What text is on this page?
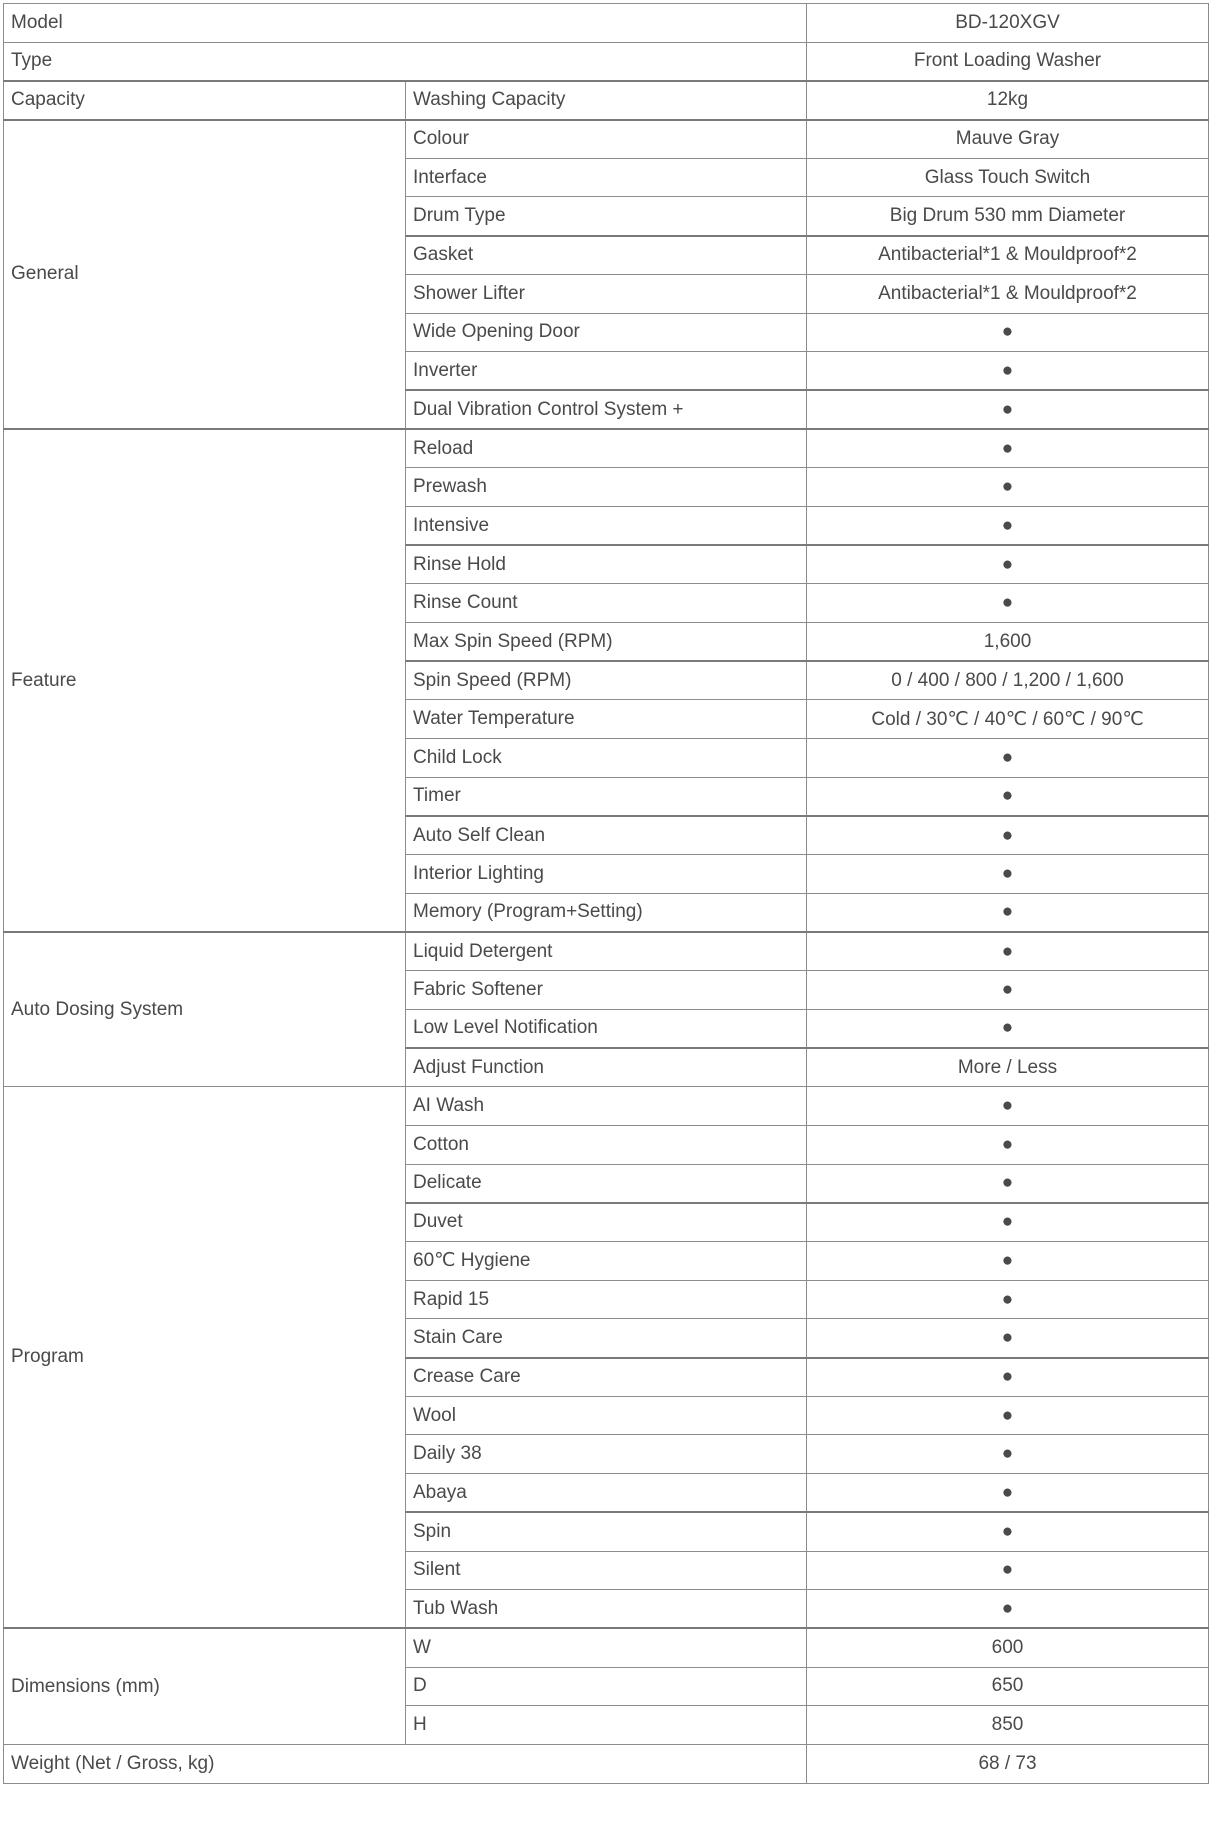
Model		BD-120XGV
Type		Front Loading Washer
Capacity	Washing Capacity	12kg
General	Colour	Mauve Gray
	Interface	Glass Touch Switch
	Drum Type	Big Drum 530 mm Diameter
	Gasket	Antibacterial*1 & Mouldproof*2
	Shower Lifter	Antibacterial*1 & Mouldproof*2
	Wide Opening Door	●
	Inverter	●
	Dual Vibration Control System +	●
Feature	Reload	●
	Prewash	●
	Intensive	●
	Rinse Hold	●
	Rinse Count	●
	Max Spin Speed (RPM)	1,600
	Spin Speed (RPM)	0 / 400 / 800 / 1,200 / 1,600
	Water Temperature	Cold / 30℃ / 40℃ / 60℃ / 90℃
	Child Lock	●
	Timer	●
	Auto Self Clean	●
	Interior Lighting	●
	Memory (Program+Setting)	●
Auto Dosing System	Liquid Detergent	●
	Fabric Softener	●
	Low Level Notification	●
	Adjust Function	More / Less
Program	AI Wash	●
	Cotton	●
	Delicate	●
	Duvet	●
	60℃ Hygiene	●
	Rapid 15	●
	Stain Care	●
	Crease Care	●
	Wool	●
	Daily 38	●
	Abaya	●
	Spin	●
	Silent	●
	Tub Wash	●
Dimensions (mm)	W	600
	D	650
	H	850
Weight (Net / Gross, kg)		68 / 73
